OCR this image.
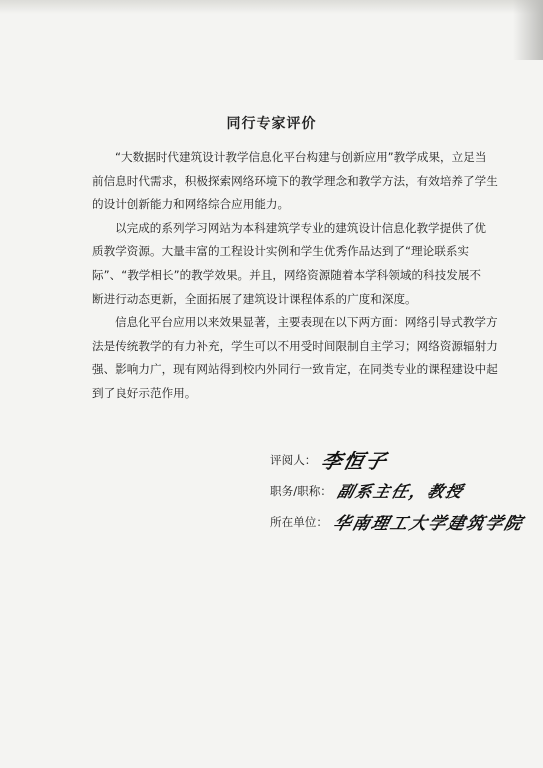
同行专家评价
“大数据时代建筑设计教学信息化平台构建与创新应用”教学成果，立足当
前信息时代需求，积极探索网络环境下的教学理念和教学方法，有效培养了学生
的设计创新能力和网络综合应用能力。
以完成的系列学习网站为本科建筑学专业的建筑设计信息化教学提供了优
质教学资源。大量丰富的工程设计实例和学生优秀作品达到了“理论联系实
际”、“教学相长”的教学效果。并且，网络资源随着本学科领域的科技发展不
断进行动态更新，全面拓展了建筑设计课程体系的广度和深度。
信息化平台应用以来效果显著，主要表现在以下两方面：网络引导式教学方
法是传统教学的有力补充，学生可以不用受时间限制自主学习；网络资源辐射力
强、影响力广，现有网站得到校内外同行一致肯定，在同类专业的课程建设中起
到了良好示范作用。
评阅人： 李恒子
职务/职称： 副系主任，教授
所在单位： 华南理工大学建筑学院
